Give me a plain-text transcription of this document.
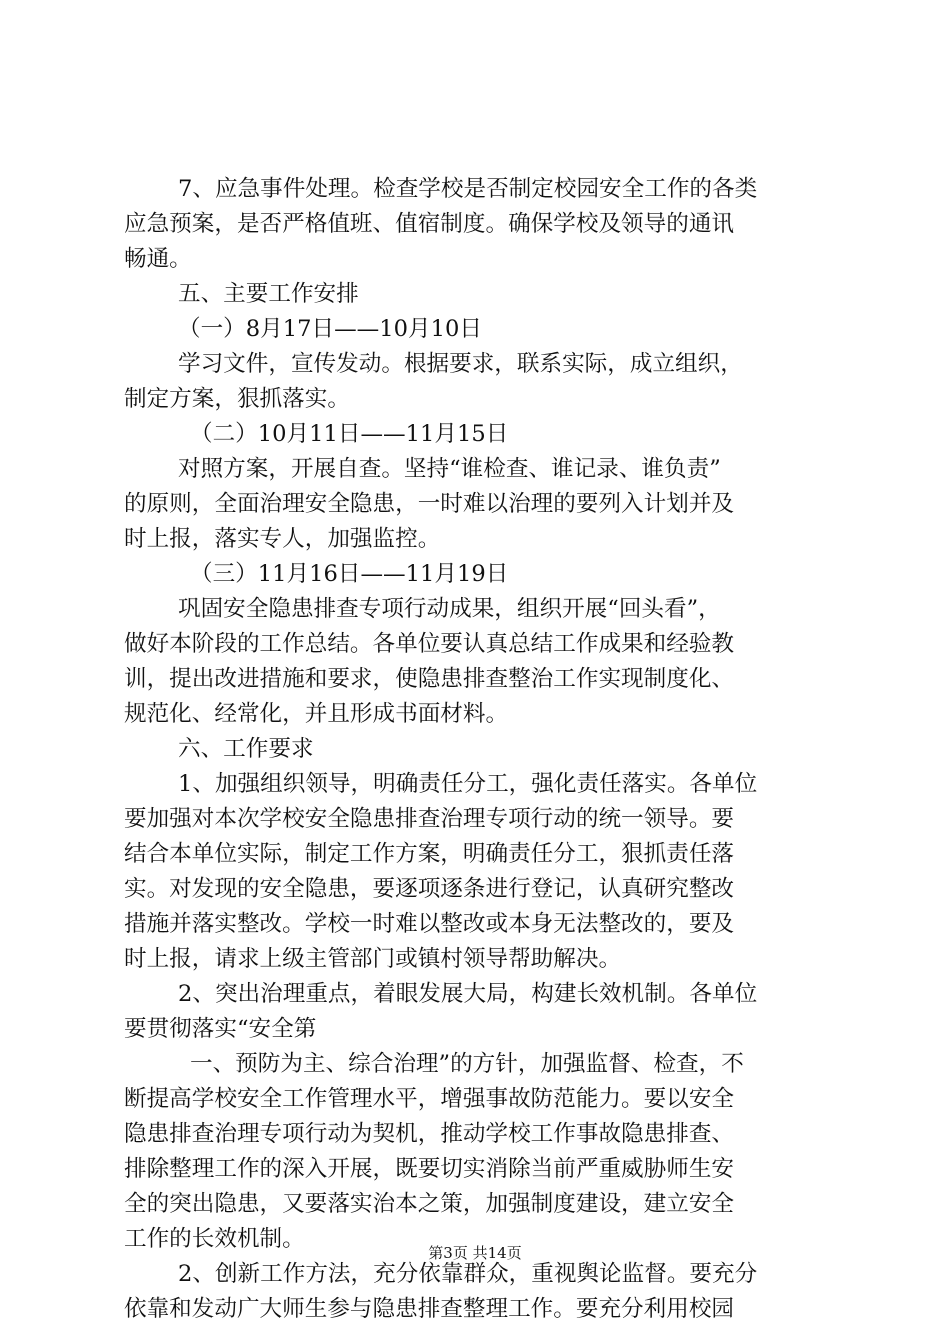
7、应急事件处理。检查学校是否制定校园安全工作的各类
应急预案，是否严格值班、值宿制度。确保学校及领导的通讯
畅通。
五、主要工作安排
（一）8月17日——10月10日
学习文件，宣传发动。根据要求，联系实际，成立组织，
制定方案，狠抓落实。
（二）10月11日——11月15日
对照方案，开展自查。坚持“谁检查、谁记录、谁负责”
的原则，全面治理安全隐患，一时难以治理的要列入计划并及
时上报，落实专人，加强监控。
（三）11月16日——11月19日
巩固安全隐患排查专项行动成果，组织开展“回头看”，
做好本阶段的工作总结。各单位要认真总结工作成果和经验教
训，提出改进措施和要求，使隐患排查整治工作实现制度化、
规范化、经常化，并且形成书面材料。
六、工作要求
1、加强组织领导，明确责任分工，强化责任落实。各单位
要加强对本次学校安全隐患排查治理专项行动的统一领导。要
结合本单位实际，制定工作方案，明确责任分工，狠抓责任落
实。对发现的安全隐患，要逐项逐条进行登记，认真研究整改
措施并落实整改。学校一时难以整改或本身无法整改的，要及
时上报，请求上级主管部门或镇村领导帮助解决。
2、突出治理重点，着眼发展大局，构建长效机制。各单位
要贯彻落实“安全第
一、预防为主、综合治理”的方针，加强监督、检查，不
断提高学校安全工作管理水平，增强事故防范能力。要以安全
隐患排查治理专项行动为契机，推动学校工作事故隐患排查、
排除整理工作的深入开展，既要切实消除当前严重威胁师生安
全的突出隐患，又要落实治本之策，加强制度建设，建立安全
工作的长效机制。
2、创新工作方法，充分依靠群众，重视舆论监督。要充分
依靠和发动广大师生参与隐患排查整理工作。要充分利用校园
第3页 共14页
